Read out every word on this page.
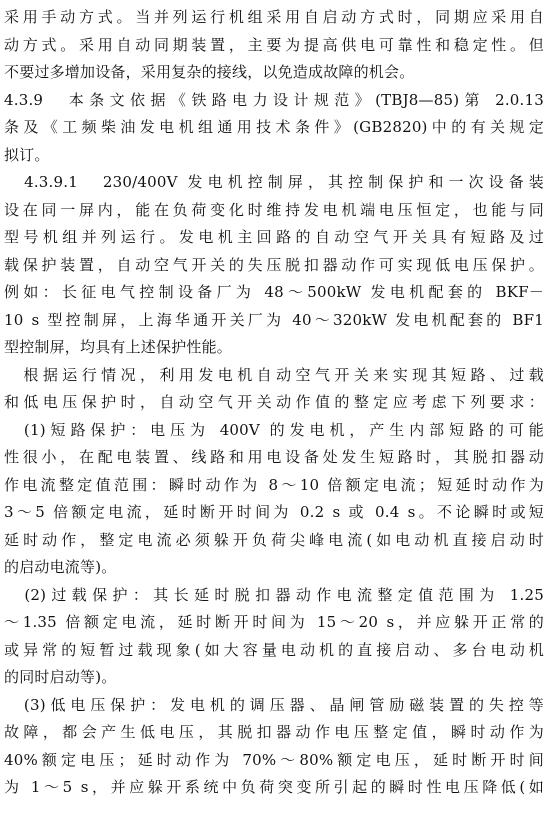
采用手动方式。当并列运行机组采用自启动方式时，同期应采用自
动方式。采用自动同期装置，主要为提高供电可靠性和稳定性。但
不要过多增加设备，采用复杂的接线，以免造成故障的机会。
4.3.9　本条文依据《铁路电力设计规范》(TBJ8—85)第 2.0.13
条及《工频柴油发电机组通用技术条件》(GB2820)中的有关规定
拟订。
　4.3.9.1　230/400V 发电机控制屏，其控制保护和一次设备装
设在同一屏内，能在负荷变化时维持发电机端电压恒定，也能与同
型号机组并列运行。发电机主回路的自动空气开关具有短路及过
载保护装置，自动空气开关的失压脱扣器动作可实现低电压保护。
例如：长征电气控制设备厂为 48～500kW 发电机配套的 BKF－
10 s 型控制屏，上海华通开关厂为 40～320kW 发电机配套的 BF1
型控制屏，均具有上述保护性能。
　根据运行情况，利用发电机自动空气开关来实现其短路、过载
和低电压保护时，自动空气开关动作值的整定应考虑下列要求：
　(1)短路保护：电压为 400V 的发电机，产生内部短路的可能
性很小，在配电装置、线路和用电设备处发生短路时，其脱扣器动
作电流整定值范围：瞬时动作为 8～10 倍额定电流；短延时动作为
3～5 倍额定电流，延时断开时间为 0.2 s 或 0.4 s。不论瞬时或短
延时动作，整定电流必须躲开负荷尖峰电流(如电动机直接启动时
的启动电流等)。
　(2)过载保护：其长延时脱扣器动作电流整定值范围为 1.25
～1.35 倍额定电流，延时断开时间为 15～20 s，并应躲开正常的
或异常的短暂过载现象(如大容量电动机的直接启动、多台电动机
的同时启动等)。
　(3)低电压保护：发电机的调压器、晶闸管励磁装置的失控等
故障，都会产生低电压，其脱扣器动作电压整定值，瞬时动作为
40%额定电压；延时动作为 70%～80%额定电压，延时断开时间
为 1～5 s，并应躲开系统中负荷突变所引起的瞬时性电压降低(如
